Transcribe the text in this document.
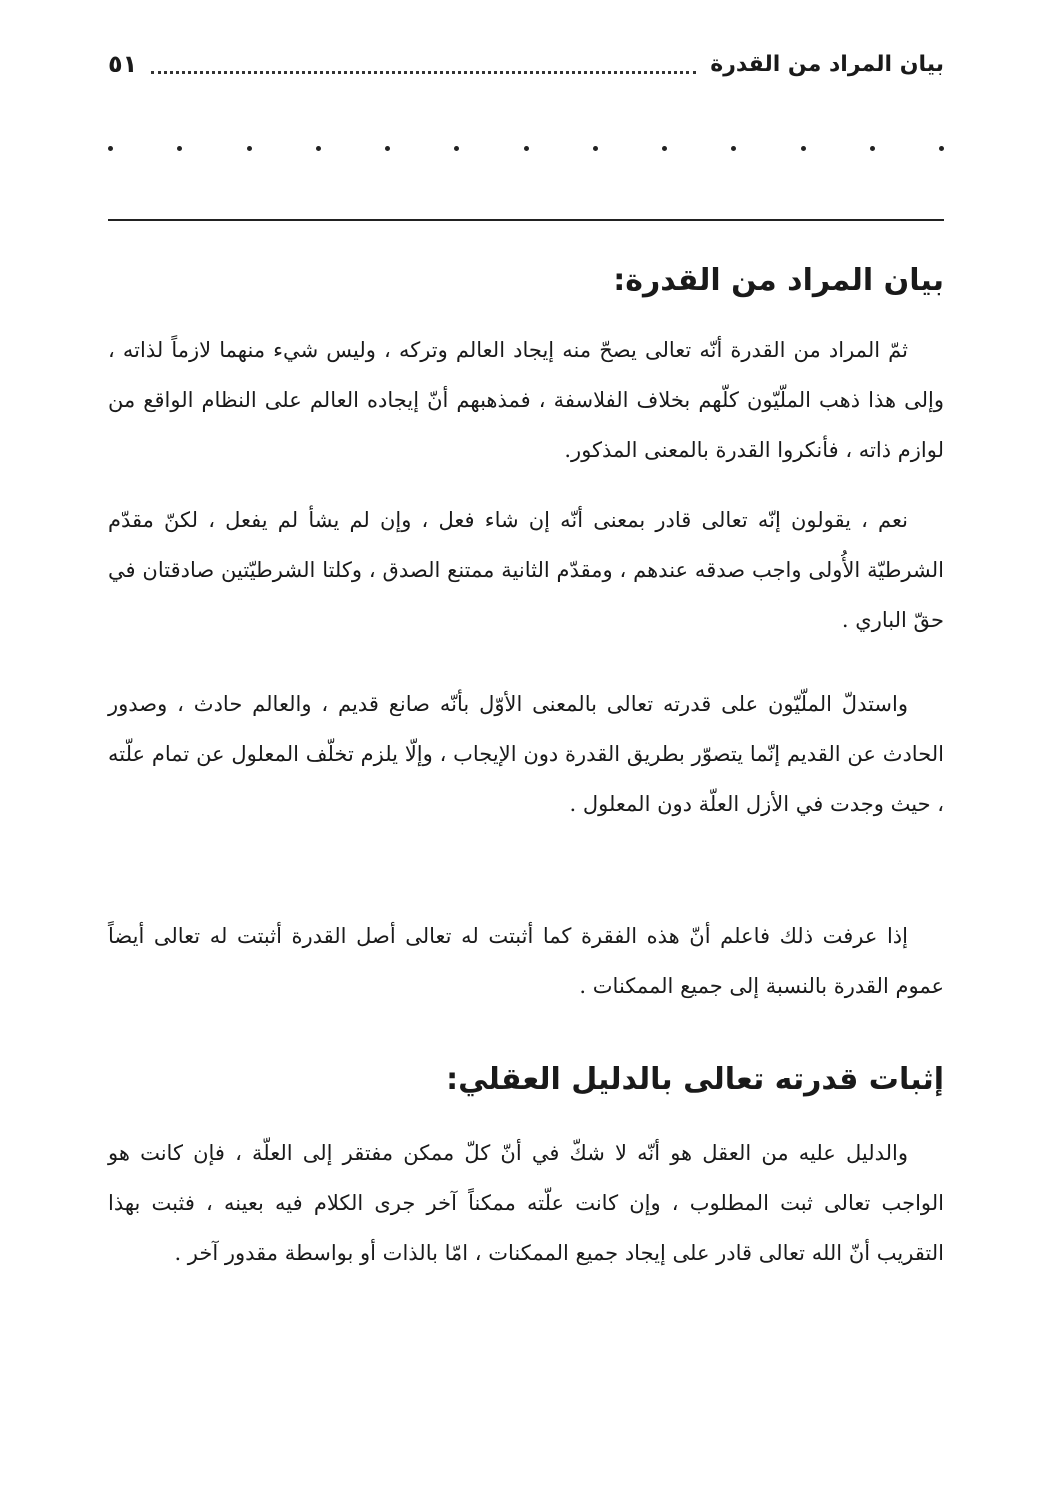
بيان المراد من القدرة
٥١
بيان المراد من القدرة:

ثمّ المراد من القدرة أنّه تعالى يصحّ منه إيجاد العالم وتركه ، وليس شيء منهما لازماً لذاته ، وإلى هذا ذهب الملّيّون كلّهم بخلاف الفلاسفة ، فمذهبهم أنّ إيجاده العالم على النظام الواقع من لوازم ذاته ، فأنكروا القدرة بالمعنى المذكور.

نعم ، يقولون إنّه تعالى قادر بمعنى أنّه إن شاء فعل ، وإن لم يشأ لم يفعل ، لكنّ مقدّم الشرطيّة الأُولى واجب صدقه عندهم ، ومقدّم الثانية ممتنع الصدق ، وكلتا الشرطيّتين صادقتان في حقّ الباري .

واستدلّ الملّيّون على قدرته تعالى بالمعنى الأوّل بأنّه صانع قديم ، والعالم حادث ، وصدور الحادث عن القديم إنّما يتصوّر بطريق القدرة دون الإيجاب ، وإلّا يلزم تخلّف المعلول عن تمام علّته ، حيث وجدت في الأزل العلّة دون المعلول .

إذا عرفت ذلك فاعلم أنّ هذه الفقرة كما أثبتت له تعالى أصل القدرة أثبتت له تعالى أيضاً عموم القدرة بالنسبة إلى جميع الممكنات .

إثبات قدرته تعالى بالدليل العقلي:

والدليل عليه من العقل هو أنّه لا شكّ في أنّ كلّ ممكن مفتقر إلى العلّة ، فإن كانت هو الواجب تعالى ثبت المطلوب ، وإن كانت علّته ممكناً آخر جرى الكلام فيه بعينه ، فثبت بهذا التقريب أنّ الله تعالى قادر على إيجاد جميع الممكنات ، امّا بالذات أو بواسطة مقدور آخر .
